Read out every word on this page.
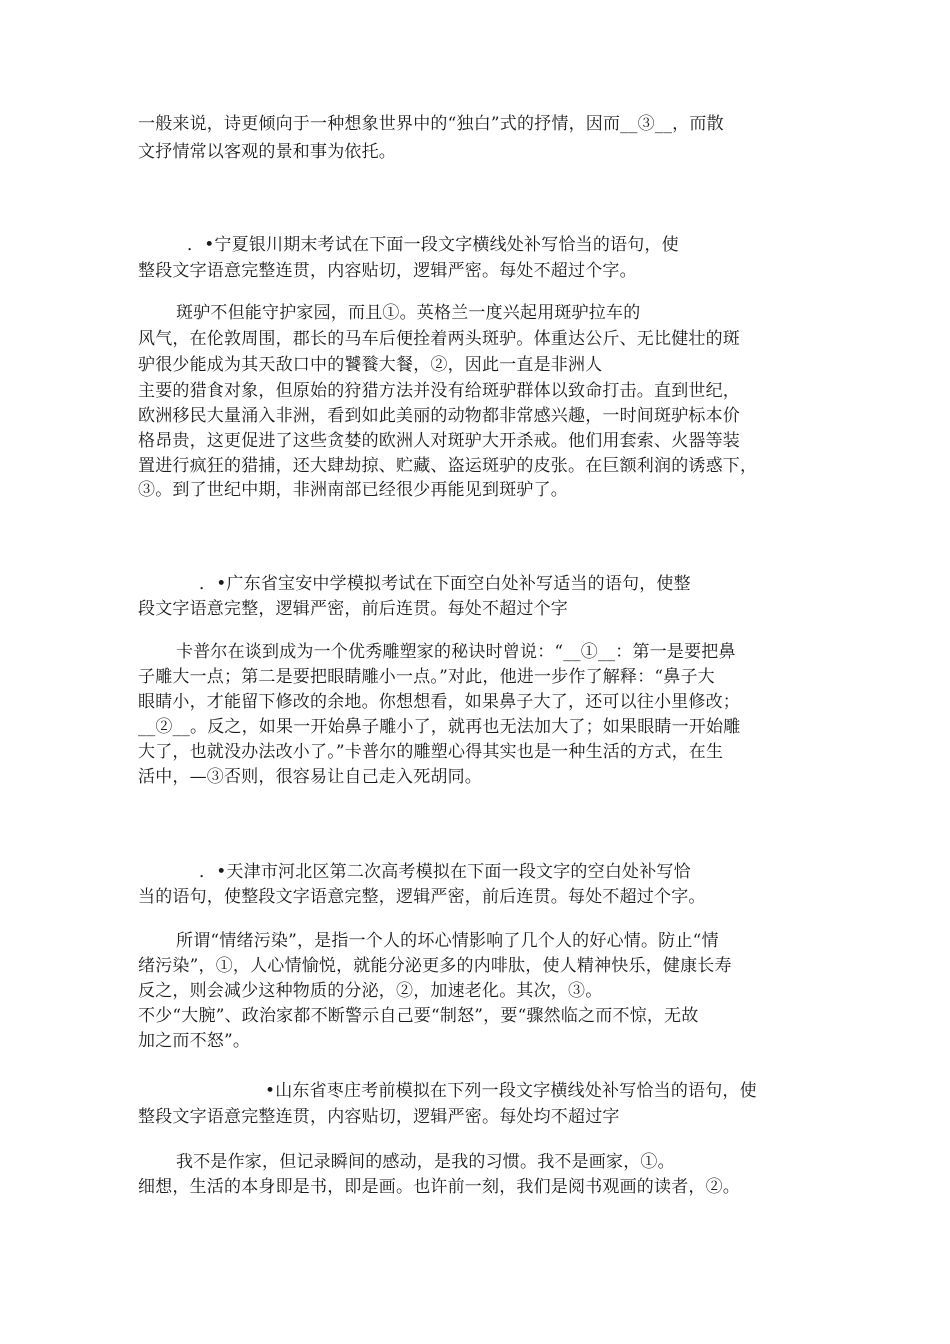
一般来说，诗更倾向于一种想象世界中的“独白”式的抒情，因而__③__，而散
文抒情常以客观的景和事为依托。
．•宁夏银川期末考试在下面一段文字横线处补写恰当的语句，使
整段文字语意完整连贯，内容贴切，逻辑严密。每处不超过个字。
斑驴不但能守护家园，而且①。英格兰一度兴起用斑驴拉车的
风气，在伦敦周围，郡长的马车后便拴着两头斑驴。体重达公斤、无比健壮的斑
驴很少能成为其天敌口中的饕餮大餐，②，因此一直是非洲人
主要的猎食对象，但原始的狩猎方法并没有给斑驴群体以致命打击。直到世纪，
欧洲移民大量涌入非洲，看到如此美丽的动物都非常感兴趣，一时间斑驴标本价
格昂贵，这更促进了这些贪婪的欧洲人对斑驴大开杀戒。他们用套索、火器等装
置进行疯狂的猎捕，还大肆劫掠、贮藏、盗运斑驴的皮张。在巨额利润的诱惑下，
③。到了世纪中期，非洲南部已经很少再能见到斑驴了。
．•广东省宝安中学模拟考试在下面空白处补写适当的语句，使整
段文字语意完整，逻辑严密，前后连贯。每处不超过个字
卡普尔在谈到成为一个优秀雕塑家的秘诀时曾说：“__①__：第一是要把鼻
子雕大一点；第二是要把眼睛雕小一点。”对此，他进一步作了解释：“鼻子大
眼睛小，才能留下修改的余地。你想想看，如果鼻子大了，还可以往小里修改；
__②__。反之，如果一开始鼻子雕小了，就再也无法加大了；如果眼睛一开始雕
大了，也就没办法改小了。”卡普尔的雕塑心得其实也是一种生活的方式，在生
活中，—③否则，很容易让自己走入死胡同。
．•天津市河北区第二次高考模拟在下面一段文字的空白处补写恰
当的语句，使整段文字语意完整，逻辑严密，前后连贯。每处不超过个字。
所谓“情绪污染”，是指一个人的坏心情影响了几个人的好心情。防止“情
绪污染”，①，人心情愉悦，就能分泌更多的内啡肽，使人精神快乐，健康长寿
反之，则会减少这种物质的分泌，②，加速老化。其次，③。
不少“大腕”、政治家都不断警示自己要“制怒”，要“骤然临之而不惊，无故
加之而不怒”。
•山东省枣庄考前模拟在下列一段文字横线处补写恰当的语句，使
整段文字语意完整连贯，内容贴切，逻辑严密。每处均不超过字
我不是作家，但记录瞬间的感动，是我的习惯。我不是画家，①。
细想，生活的本身即是书，即是画。也许前一刻，我们是阅书观画的读者，②。
